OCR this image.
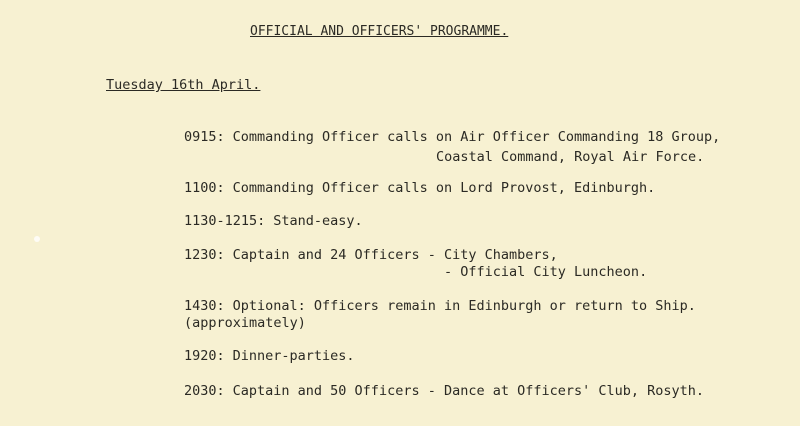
OFFICIAL AND OFFICERS' PROGRAMME.
Tuesday 16th April.
0915: Commanding Officer calls on Air Officer Commanding 18 Group,
Coastal Command, Royal Air Force.
1100: Commanding Officer calls on Lord Provost, Edinburgh.
1130-1215: Stand-easy.
1230: Captain and 24 Officers - City Chambers,
- Official City Luncheon.
1430: Optional: Officers remain in Edinburgh or return to Ship.
(approximately)
1920: Dinner-parties.
2030: Captain and 50 Officers - Dance at Officers' Club, Rosyth.
